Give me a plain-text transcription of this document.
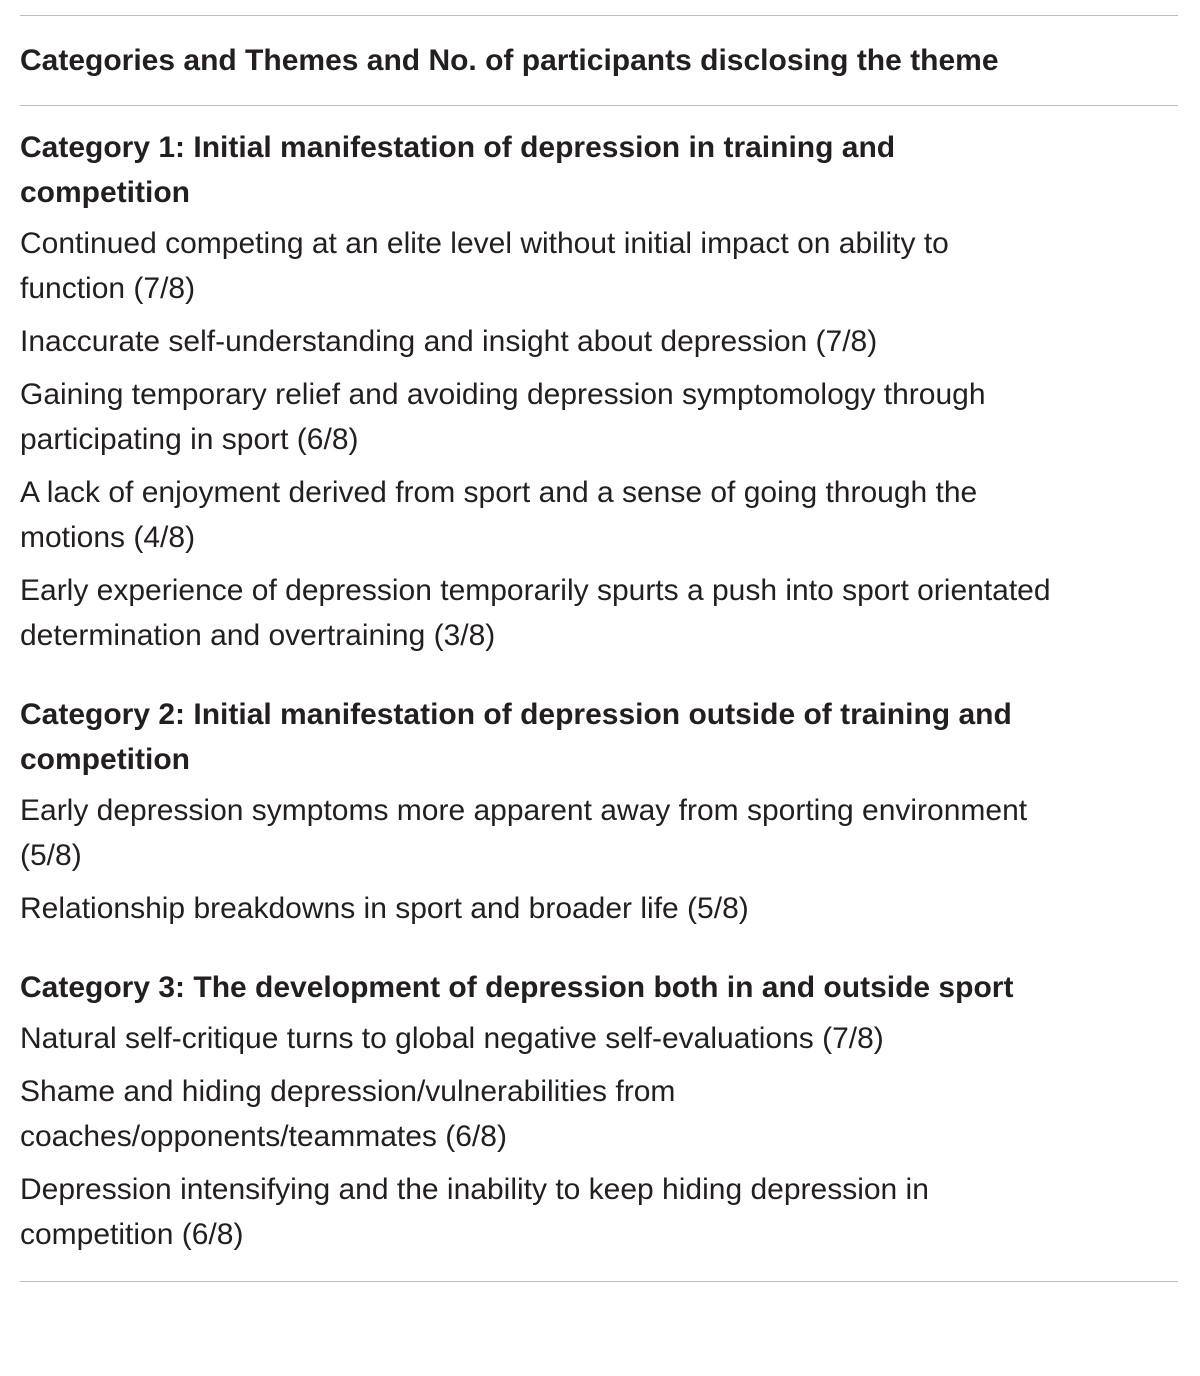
Categories and Themes and No. of participants disclosing the theme
Category 1: Initial manifestation of depression in training and competition
Continued competing at an elite level without initial impact on ability to function (7/8)
Inaccurate self-understanding and insight about depression (7/8)
Gaining temporary relief and avoiding depression symptomology through participating in sport (6/8)
A lack of enjoyment derived from sport and a sense of going through the motions (4/8)
Early experience of depression temporarily spurts a push into sport orientated determination and overtraining (3/8)
Category 2: Initial manifestation of depression outside of training and competition
Early depression symptoms more apparent away from sporting environment (5/8)
Relationship breakdowns in sport and broader life (5/8)
Category 3: The development of depression both in and outside sport
Natural self-critique turns to global negative self-evaluations (7/8)
Shame and hiding depression/vulnerabilities from coaches/opponents/teammates (6/8)
Depression intensifying and the inability to keep hiding depression in competition (6/8)
